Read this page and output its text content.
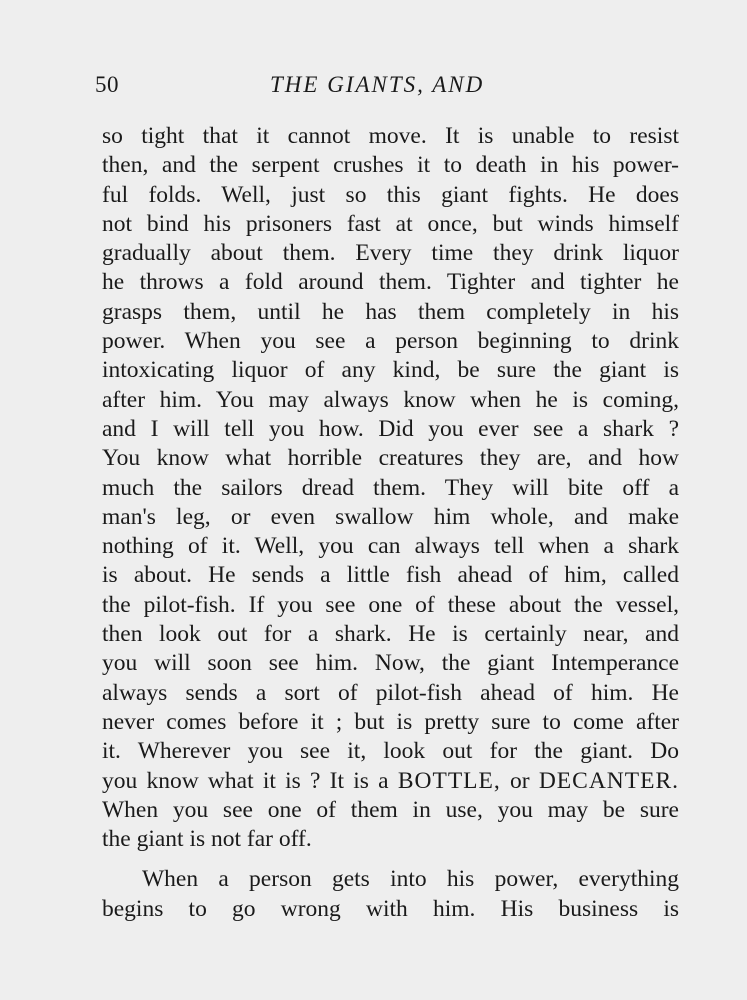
50	THE GIANTS, AND
so tight that it cannot move. It is unable to resist
then, and the serpent crushes it to death in his power-
ful folds. Well, just so this giant fights. He does
not bind his prisoners fast at once, but winds himself
gradually about them. Every time they drink liquor
he throws a fold around them. Tighter and tighter he
grasps them, until he has them completely in his
power. When you see a person beginning to drink
intoxicating liquor of any kind, be sure the giant is
after him. You may always know when he is coming,
and I will tell you how. Did you ever see a shark ?
You know what horrible creatures they are, and how
much the sailors dread them. They will bite off a
man's leg, or even swallow him whole, and make
nothing of it. Well, you can always tell when a shark
is about. He sends a little fish ahead of him, called
the pilot-fish. If you see one of these about the vessel,
then look out for a shark. He is certainly near, and
you will soon see him. Now, the giant Intemperance
always sends a sort of pilot-fish ahead of him. He
never comes before it ; but is pretty sure to come after
it. Wherever you see it, look out for the giant. Do
you know what it is ? It is a BOTTLE, or DECANTER.
When you see one of them in use, you may be sure
the giant is not far off.
When a person gets into his power, everything
begins to go wrong with him. His business is
